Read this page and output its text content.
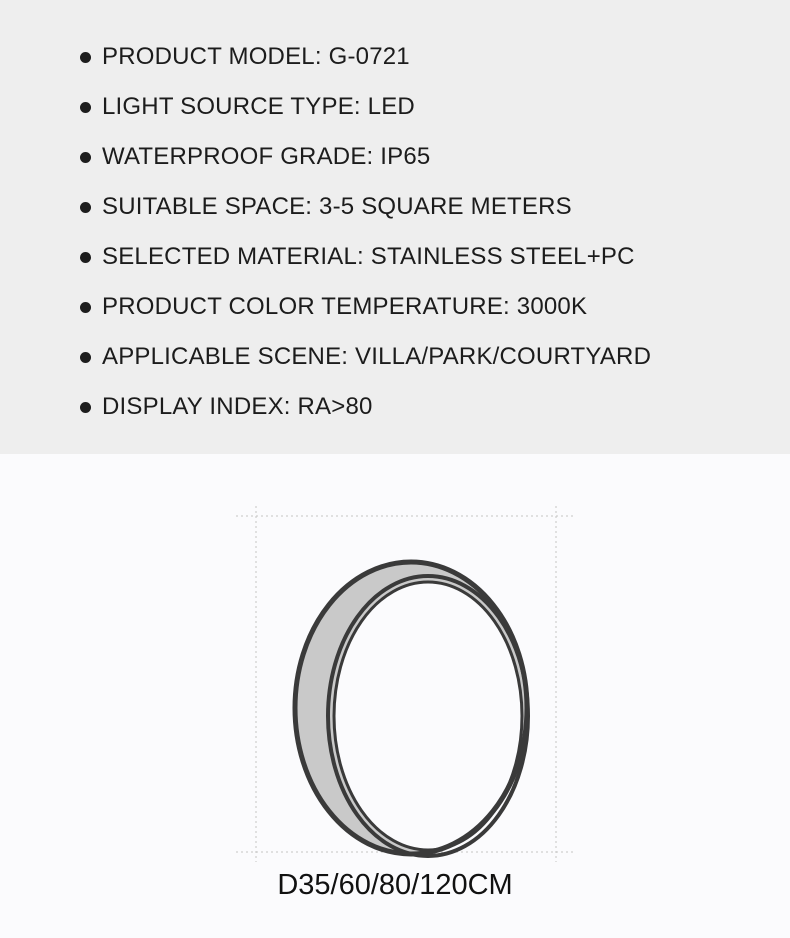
PRODUCT MODEL: G-0721
LIGHT SOURCE TYPE: LED
WATERPROOF GRADE: IP65
SUITABLE SPACE: 3-5 SQUARE METERS
SELECTED MATERIAL: STAINLESS STEEL+PC
PRODUCT COLOR TEMPERATURE: 3000K
APPLICABLE SCENE: VILLA/PARK/COURTYARD
DISPLAY INDEX: RA>80
D35/60/80/120CM
